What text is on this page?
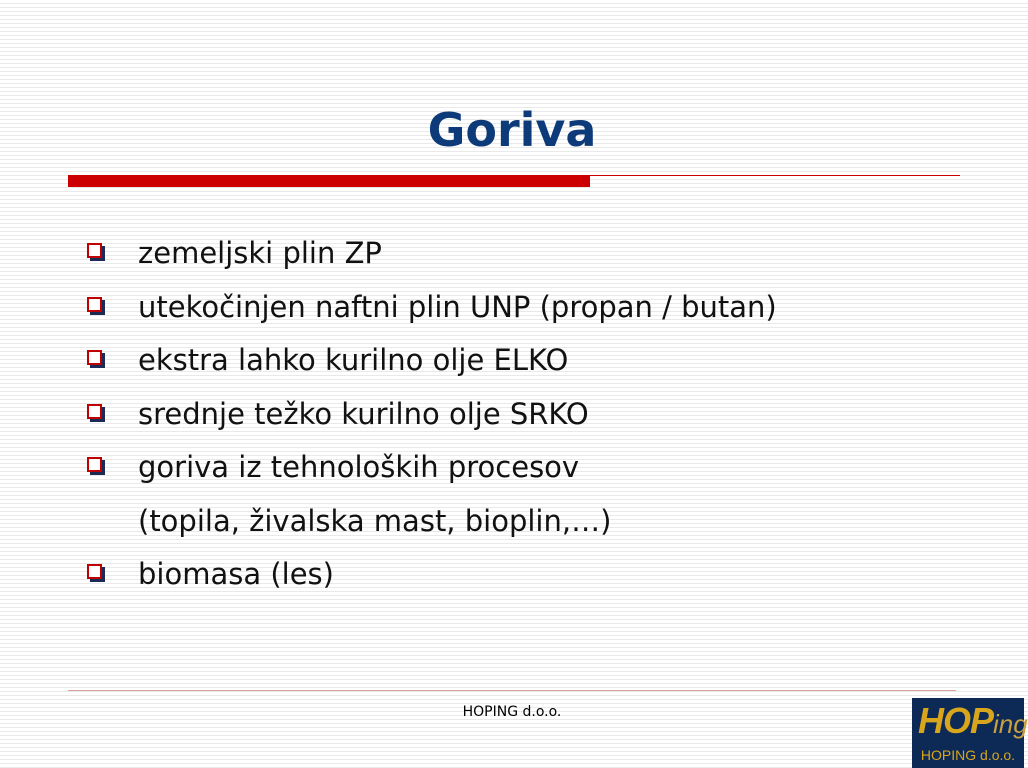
Goriva
zemeljski plin ZP
utekočinjen naftni plin UNP (propan / butan)
ekstra lahko kurilno olje ELKO
srednje težko kurilno olje SRKO
goriva iz tehnoloških procesov
(topila, živalska mast, bioplin,…)
biomasa (les)
HOPING d.o.o.	HOPing
HOPING d.o.o.
